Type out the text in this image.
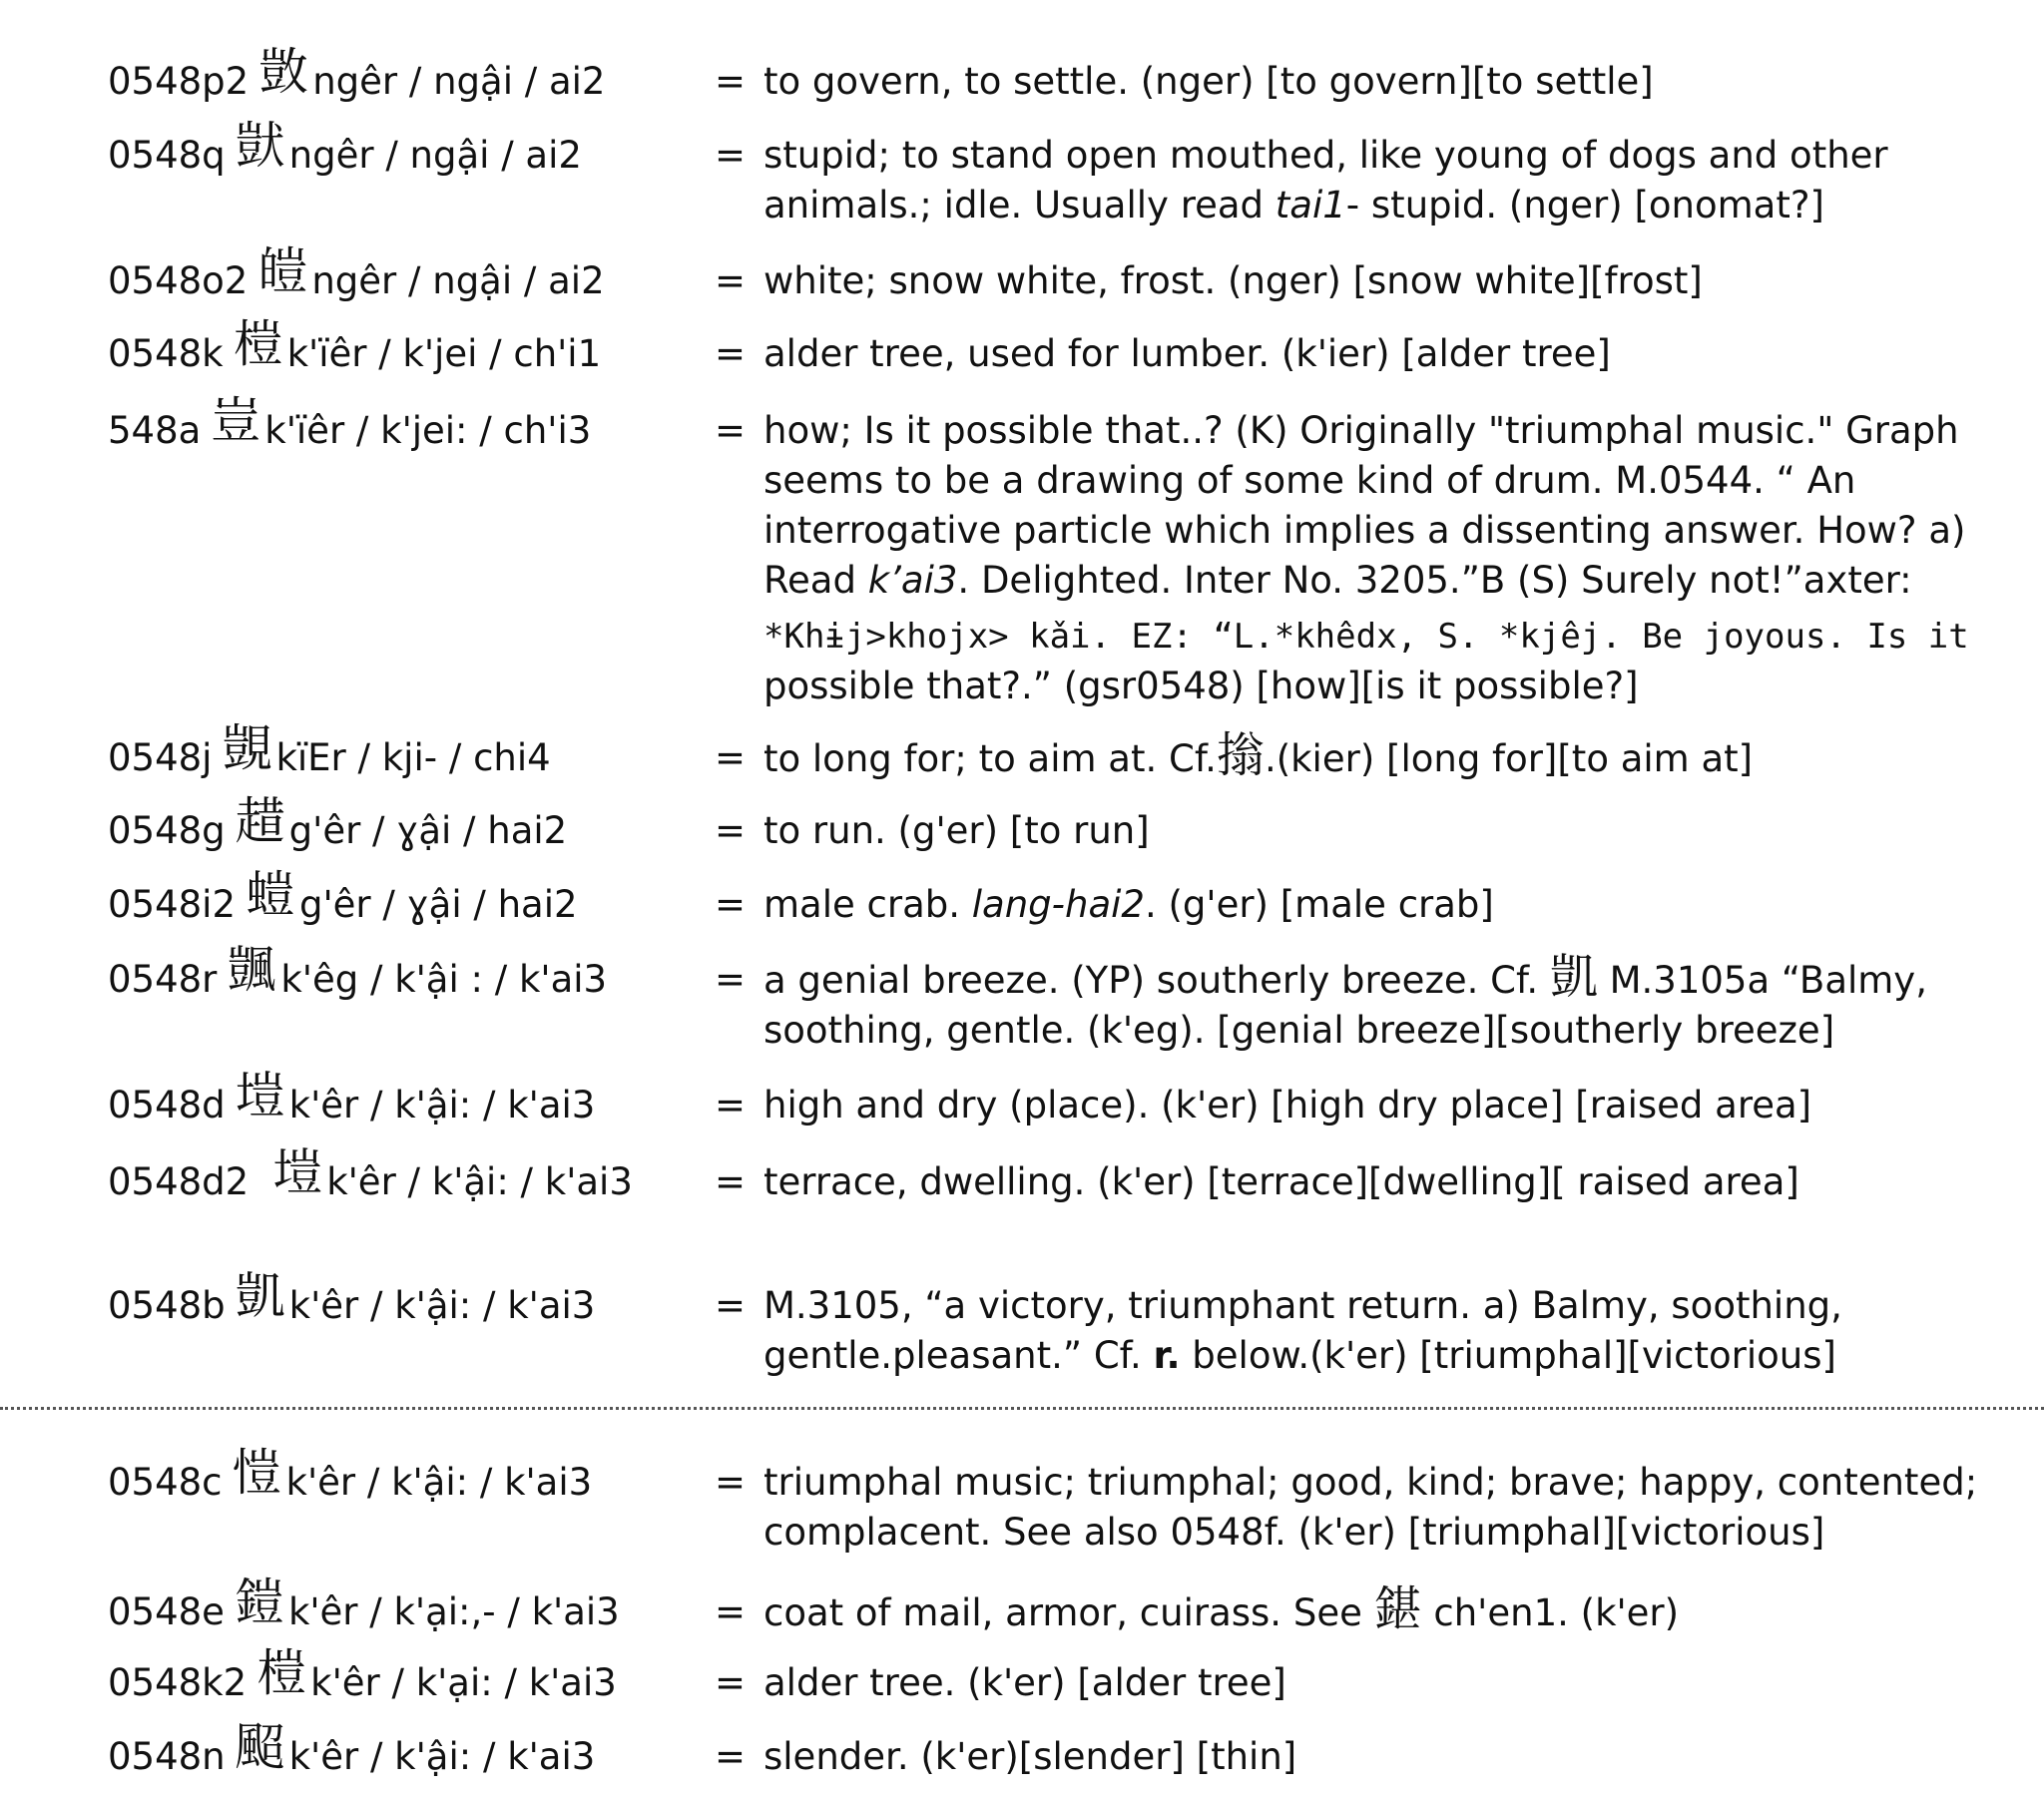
0548p2 敳 ngêr / ngậi / ai2	= to govern, to settle. (nger) [to govern][to settle]
0548q 獃 ngêr / ngậi / ai2	= stupid; to stand open mouthed, like young of dogs and other
animals.; idle. Usually read tai1- stupid. (nger) [onomat?]
0548o2 皚 ngêr / ngậi / ai2	= white; snow white, frost. (nger) [snow white][frost]
0548k 榿 k'ïêr / k'jei / ch'i1	= alder tree, used for lumber. (k'ier) [alder tree]
548a 豈 k'ïêr / k'jei: / ch'i3	= how; Is it possible that..? (K) Originally "triumphal music." Graph
seems to be a drawing of some kind of drum. M.0544. “ An
interrogative particle which implies a dissenting answer. How? a)
Read k’ai3. Delighted. Inter No. 3205.”B (S) Surely not!”axter:
*Khɨj>khojx> kǎi. EZ: “L.*khêdx, S. *kjêj. Be joyous. Is it
possible that?.” (gsr0548) [how][is it possible?]
0548j 覬 kïEr / kji- / chi4	= to long for; to aim at. Cf.㨣.(kier) [long for][to aim at]
0548g 趞 g'êr / ɣậi / hai2	= to run. (g'er) [to run]
0548i2 螘 g'êr / ɣậi / hai2	= male crab. lang-hai2. (g'er) [male crab]
0548r 颽 k'êg / k'ậi : / k'ai3	= a genial breeze. (YP) southerly breeze. Cf. 凱 M.3105a “Balmy,
soothing, gentle. (k'eg). [genial breeze][southerly breeze]
0548d 塏 k'êr / k'ậi: / k'ai3	= high and dry (place). (k'er) [high dry place] [raised area]
0548d2 塏 k'êr / k'ậi: / k'ai3 = terrace, dwelling. (k'er) [terrace][dwelling][ raised area]
0548b 凱 k'êr / k'ậi: / k'ai3	= M.3105, “a victory, triumphant return. a) Balmy, soothing,
gentle.pleasant.” Cf. r. below.(k'er) [triumphal][victorious]
0548c 愷 k'êr / k'ậi: / k'ai3	= triumphal music; triumphal; good, kind; brave; happy, contented;
complacent. See also 0548f. (k'er) [triumphal][victorious]
0548e 鎧 k'êr / k'ại:,- / k'ai3	= coat of mail, armor, cuirass. See 鍖 ch'en1. (k'er)
0548k2 榿 k'êr / k'ại: / k'ai3	= alder tree. (k'er) [alder tree]
0548n 䫿 k'êr / k'ậi: / k'ai3	= slender. (k'er)[slender] [thin]
